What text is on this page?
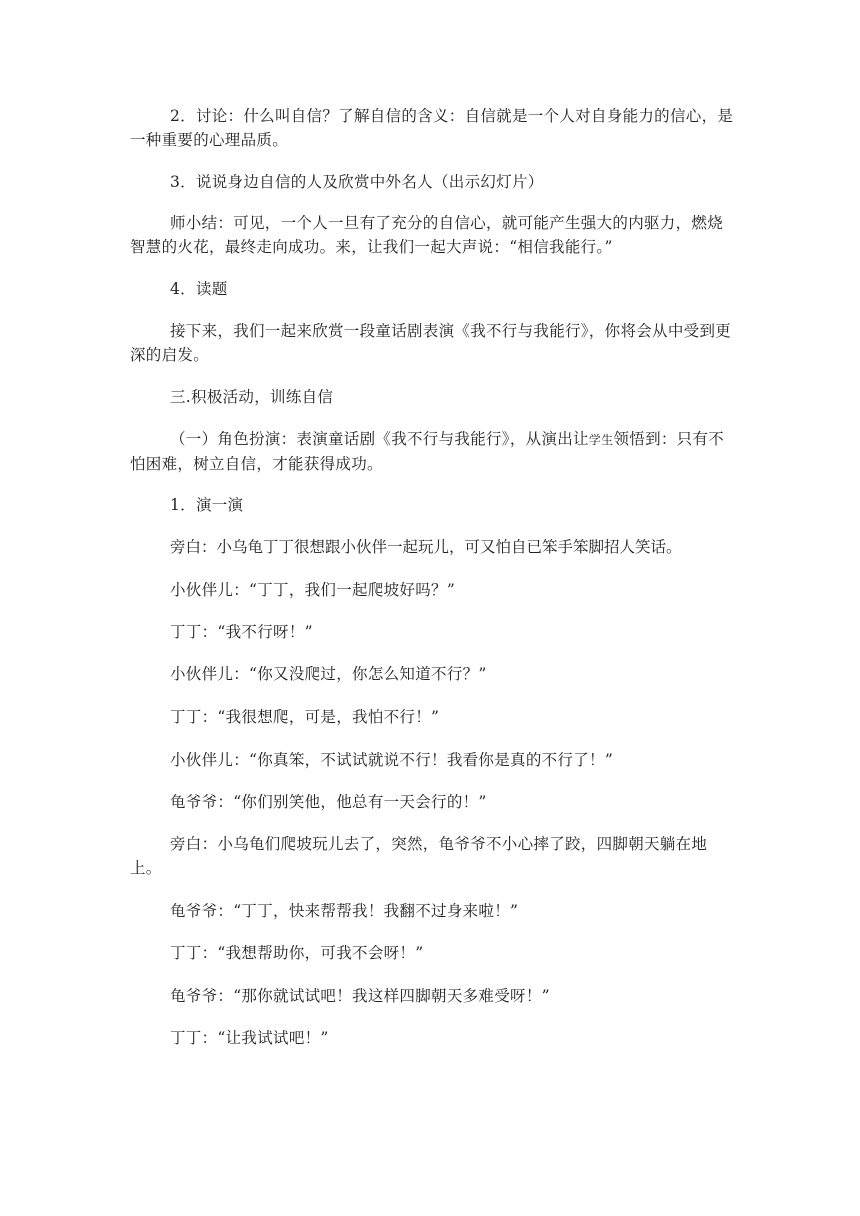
2．讨论：什么叫自信？了解自信的含义：自信就是一个人对自身能力的信心，是一种重要的心理品质。
3．说说身边自信的人及欣赏中外名人（出示幻灯片）
师小结：可见，一个人一旦有了充分的自信心，就可能产生强大的内驱力，燃烧智慧的火花，最终走向成功。来，让我们一起大声说：“相信我能行。”
4．读题
接下来，我们一起来欣赏一段童话剧表演《我不行与我能行》，你将会从中受到更深的启发。
三.积极活动，训练自信
（一）角色扮演：表演童话剧《我不行与我能行》，从演出让学生领悟到：只有不怕困难，树立自信，才能获得成功。
1．演一演
旁白：小乌龟丁丁很想跟小伙伴一起玩儿，可又怕自已笨手笨脚招人笑话。
小伙伴儿：“丁丁，我们一起爬坡好吗？”
丁丁：“我不行呀！”
小伙伴儿：“你又没爬过，你怎么知道不行？”
丁丁：“我很想爬，可是，我怕不行！”
小伙伴儿：“你真笨，不试试就说不行！我看你是真的不行了！”
龟爷爷：“你们别笑他，他总有一天会行的！”
旁白：小乌龟们爬坡玩儿去了，突然，龟爷爷不小心摔了跤，四脚朝天躺在地上。
龟爷爷：“丁丁，快来帮帮我！我翻不过身来啦！”
丁丁：“我想帮助你，可我不会呀！”
龟爷爷：“那你就试试吧！我这样四脚朝天多难受呀！”
丁丁：“让我试试吧！”
